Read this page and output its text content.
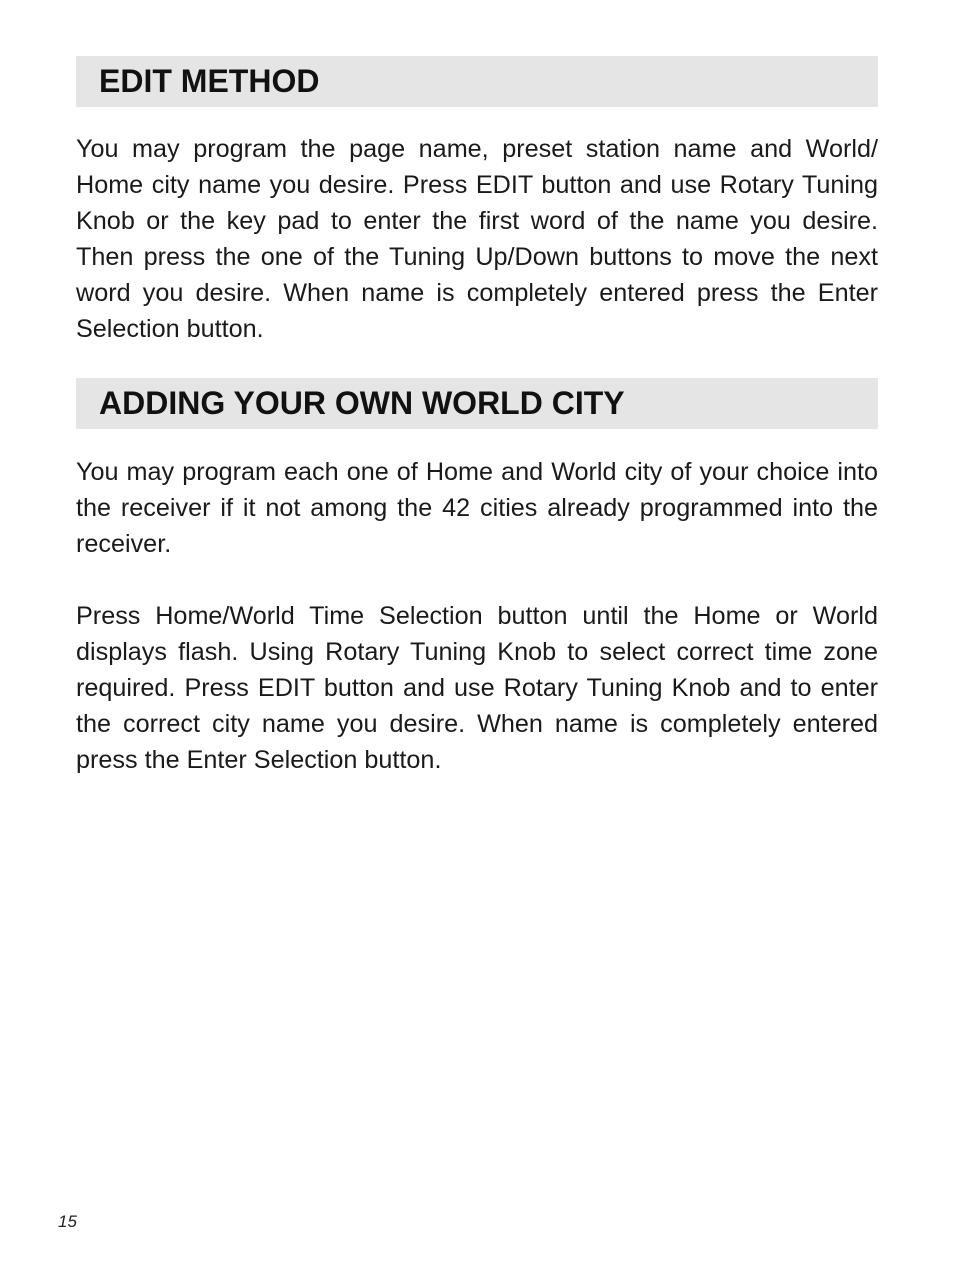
EDIT METHOD

You may program the page name, preset station name and World/ Home city name you desire. Press EDIT button and use Rotary Tuning Knob or the key pad to enter the first word of the name you desire. Then press the one of the Tuning Up/Down buttons to move the next word you desire. When name is completely entered press the Enter Selection button.

ADDING YOUR OWN WORLD CITY

You may program each one of Home and World city of your choice into the receiver if it not among the 42 cities already programmed into the receiver.

Press Home/World Time Selection button until the Home or World displays flash. Using Rotary Tuning Knob to select correct time zone required. Press EDIT button and use Rotary Tuning Knob and to enter the correct city name you desire. When name is completely entered press the Enter Selection button.

15
